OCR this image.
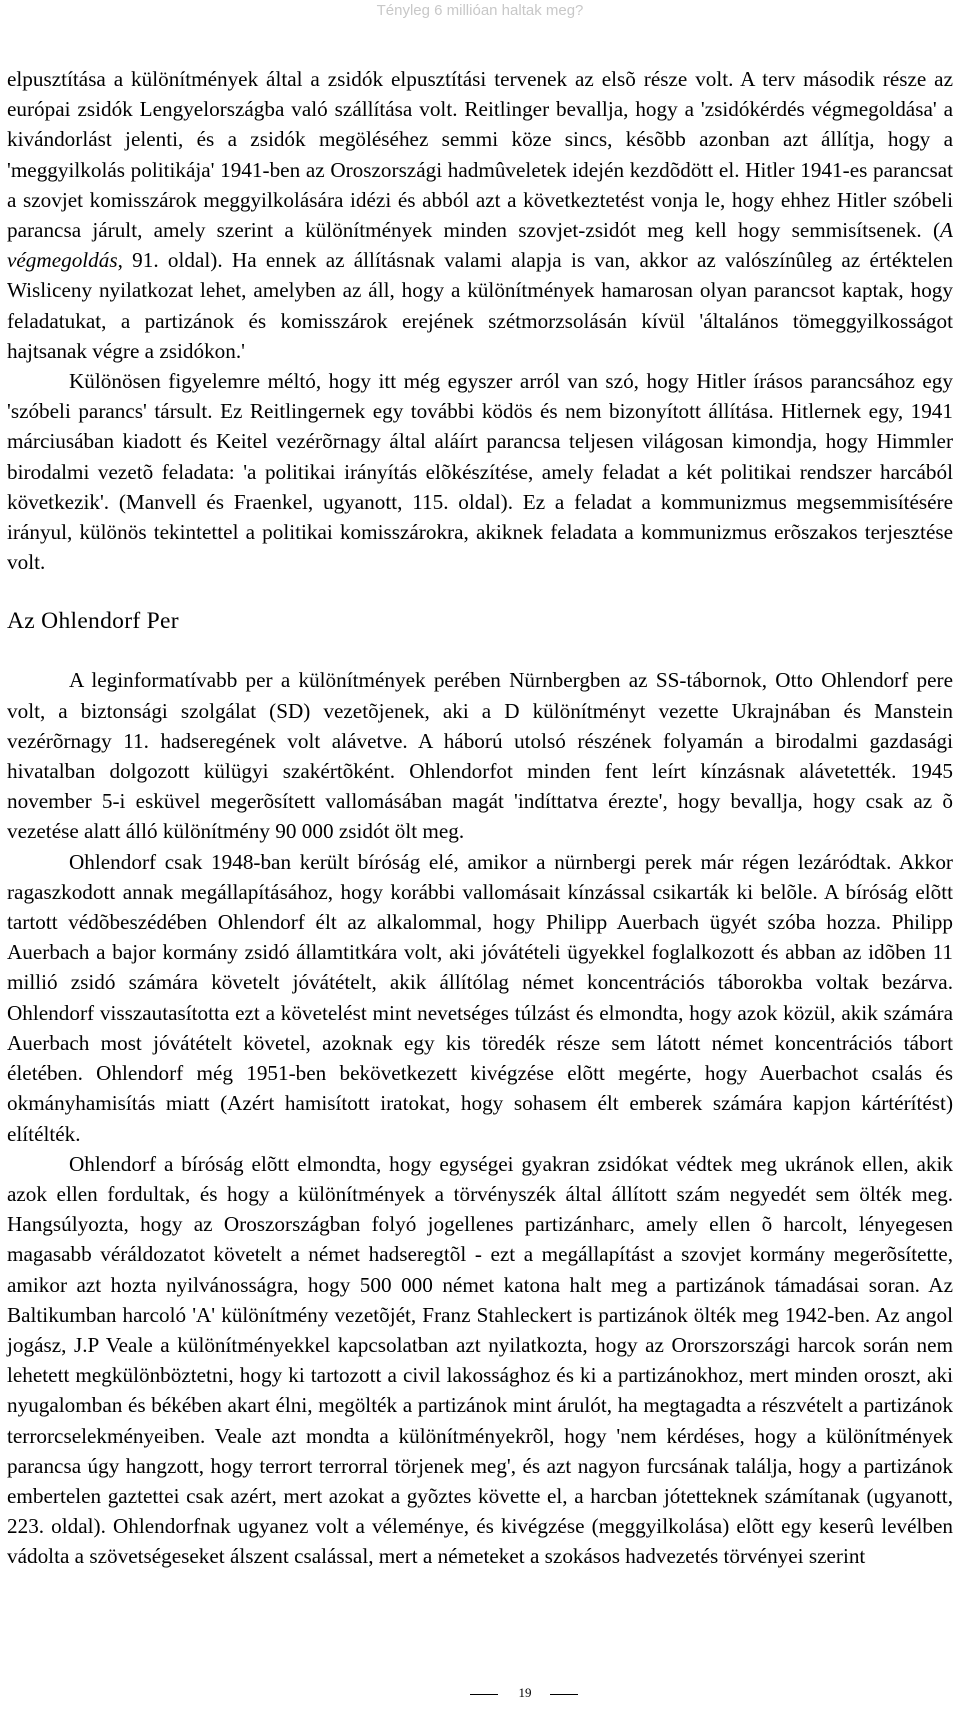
Tényleg 6 millióan haltak meg?

elpusztítása a különítmények által a zsidók elpusztítási tervenek az elsõ része volt. A terv második része az európai zsidók Lengyelországba való szállítása volt. Reitlinger bevallja, hogy a 'zsidókérdés végmegoldása' a kivándorlást jelenti, és a zsidók megöléséhez semmi köze sincs, késõbb azonban azt állítja, hogy a 'meggyilkolás politikája' 1941-ben az Oroszországi hadmûveletek idején kezdõdött el. Hitler 1941-es parancsat a szovjet komisszárok meggyilkolására idézi és abból azt a következtetést vonja le, hogy ehhez Hitler szóbeli parancsa járult, amely szerint a különítmények minden szovjet-zsidót meg kell hogy semmisítsenek. (A végmegoldás, 91. oldal). Ha ennek az állításnak valami alapja is van, akkor az valószínûleg az értéktelen Wisliceny nyilatkozat lehet, amelyben az áll, hogy a különítmények hamarosan olyan parancsot kaptak, hogy feladatukat, a partizánok és komisszárok erejének szétmorzsolásán kívül 'általános tömeggyilkosságot hajtsanak végre a zsidókon.'

Különösen figyelemre méltó, hogy itt még egyszer arról van szó, hogy Hitler írásos parancsához egy 'szóbeli parancs' társult. Ez Reitlingernek egy további ködös és nem bizonyított állítása. Hitlernek egy, 1941 márciusában kiadott és Keitel vezérõrnagy által aláírt parancsa teljesen világosan kimondja, hogy Himmler birodalmi vezetõ feladata: 'a politikai irányítás elõkészítése, amely feladat a két politikai rendszer harcából következik'. (Manvell és Fraenkel, ugyanott, 115. oldal). Ez a feladat a kommunizmus megsemmisítésére irányul, különös tekintettel a politikai komisszárokra, akiknek feladata a kommunizmus erõszakos terjesztése volt.

Az Ohlendorf Per

A leginformatívabb per a különítmények perében Nürnbergben az SS-tábornok, Otto Ohlendorf pere volt, a biztonsági szolgálat (SD) vezetõjenek, aki a D különítményt vezette Ukrajnában és Manstein vezérõrnagy 11. hadseregének volt alávetve. A háború utolsó részének folyamán a birodalmi gazdasági hivatalban dolgozott külügyi szakértõként. Ohlendorfot minden fent leírt kínzásnak alávetették. 1945 november 5-i esküvel megerõsített vallomásában magát 'indíttatva érezte', hogy bevallja, hogy csak az õ vezetése alatt álló különítmény 90 000 zsidót ölt meg.

Ohlendorf csak 1948-ban került bíróság elé, amikor a nürnbergi perek már régen lezáródtak. Akkor ragaszkodott annak megállapításához, hogy korábbi vallomásait kínzással csikarták ki belõle. A bíróság elõtt tartott védõbeszédében Ohlendorf élt az alkalommal, hogy Philipp Auerbach ügyét szóba hozza. Philipp Auerbach a bajor kormány zsidó államtitkára volt, aki jóvátételi ügyekkel foglalkozott és abban az idõben 11 millió zsidó számára követelt jóvátételt, akik állítólag német koncentrációs táborokba voltak bezárva. Ohlendorf visszautasította ezt a követelést mint nevetséges túlzást és elmondta, hogy azok közül, akik számára Auerbach most jóvátételt követel, azoknak egy kis töredék része sem látott német koncentrációs tábort életében. Ohlendorf még 1951-ben bekövetkezett kivégzése elõtt megérte, hogy Auerbachot csalás és okmányhamisítás miatt (Azért hamisított iratokat, hogy sohasem élt emberek számára kapjon kártérítést) elítélték.

Ohlendorf a bíróság elõtt elmondta, hogy egységei gyakran zsidókat védtek meg ukránok ellen, akik azok ellen fordultak, és hogy a különítmények a törvényszék által állított szám negyedét sem ölték meg. Hangsúlyozta, hogy az Oroszországban folyó jogellenes partizánharc, amely ellen õ harcolt, lényegesen magasabb véráldozatot követelt a német hadseregtõl - ezt a megállapítást a szovjet kormány megerõsítette, amikor azt hozta nyilvánosságra, hogy 500 000 német katona halt meg a partizánok támadásai soran. Az Baltikumban harcoló 'A' különítmény vezetõjét, Franz Stahleckert is partizánok ölték meg 1942-ben. Az angol jogász, J.P Veale a különítményekkel kapcsolatban azt nyilatkozta, hogy az Ororszországi harcok során nem lehetett megkülönböztetni, hogy ki tartozott a civil lakossághoz és ki a partizánokhoz, mert minden oroszt, aki nyugalomban és békében akart élni, megölték a partizánok mint árulót, ha megtagadta a részvételt a partizánok terrorcselekményeiben. Veale azt mondta a különítményekrõl, hogy 'nem kérdéses, hogy a különítmények parancsa úgy hangzott, hogy terrort terrorral törjenek meg', és azt nagyon furcsának találja, hogy a partizánok embertelen gaztettei csak azért, mert azokat a gyõztes követte el, a harcban jótetteknek számítanak (ugyanott, 223. oldal). Ohlendorfnak ugyanez volt a véleménye, és kivégzése (meggyilkolása) elõtt egy keserû levélben vádolta a szövetségeseket álszent csalással, mert a németeket a szokásos hadvezetés törvényei szerint

19
